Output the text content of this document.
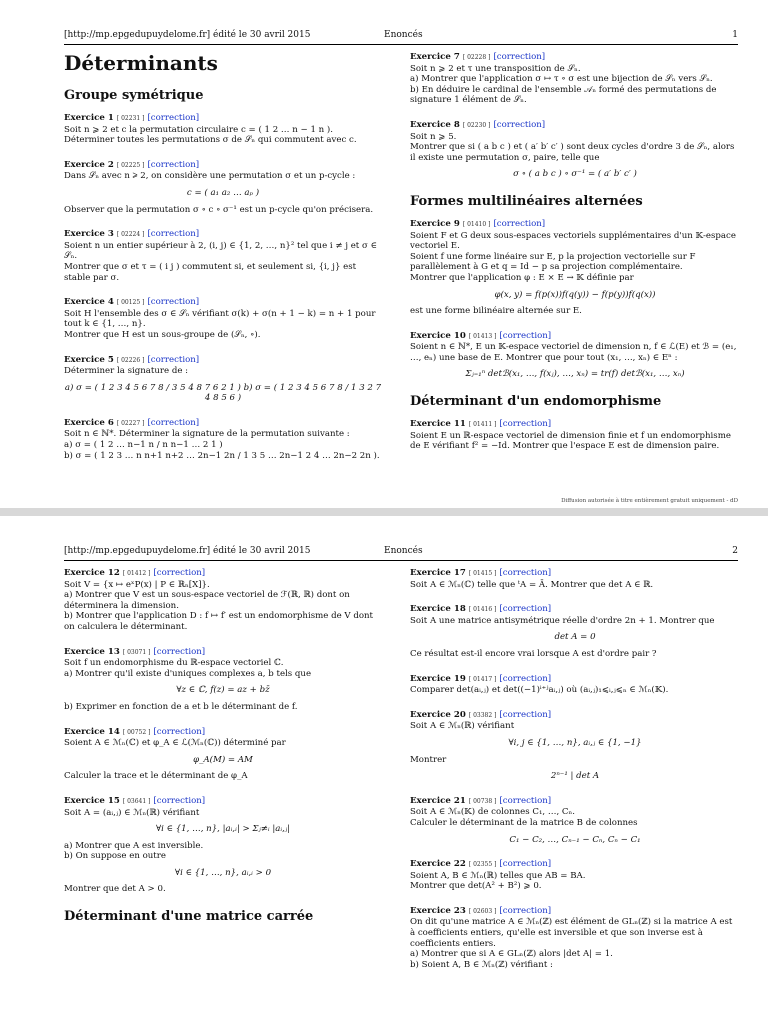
[http://mp.epgedupuydelome.fr] édité le 30 avril 2015	Enoncés	1
Déterminants
Groupe symétrique
Exercice 1 [ 02231 ] [correction]
Soit n ⩾ 2 et c la permutation circulaire c = ( 1 2 … n − 1 n ).
Déterminer toutes les permutations σ de 𝒮ₙ qui commutent avec c.
Exercice 2 [ 02225 ] [correction]
Dans 𝒮ₙ avec n ⩾ 2, on considère une permutation σ et un p-cycle :
c = ( a₁ a₂ … aₚ )
Observer que la permutation σ ∘ c ∘ σ⁻¹ est un p-cycle qu'on précisera.
Exercice 3 [ 02224 ] [correction]
Soient n un entier supérieur à 2, (i, j) ∈ {1, 2, …, n}² tel que i ≠ j et σ ∈ 𝒮ₙ.
Montrer que σ et τ = ( i j ) commutent si, et seulement si, {i, j} est stable par σ.
Exercice 4 [ 00125 ] [correction]
Soit H l'ensemble des σ ∈ 𝒮ₙ vérifiant σ(k) + σ(n + 1 − k) = n + 1 pour tout k ∈ {1, …, n}.
Montrer que H est un sous-groupe de (𝒮ₙ, ∘).
Exercice 5 [ 02226 ] [correction]
Déterminer la signature de :
a) σ = ( 1 2 3 4 5 6 7 8 / 3 5 4 8 7 6 2 1 ) b) σ = ( 1 2 3 4 5 6 7 8 / 1 3 2 7 4 8 5 6 )
Exercice 6 [ 02227 ] [correction]
Soit n ∈ ℕ*. Déterminer la signature de la permutation suivante :
a) σ = ( 1 2 … n−1 n / n n−1 … 2 1 )
b) σ = ( 1 2 3 … n n+1 n+2 … 2n−1 2n / 1 3 5 … 2n−1 2 4 … 2n−2 2n ).
Exercice 7 [ 02228 ] [correction]
Soit n ⩾ 2 et τ une transposition de 𝒮ₙ.
a) Montrer que l'application σ ↦ τ ∘ σ est une bijection de 𝒮ₙ vers 𝒮ₙ.
b) En déduire le cardinal de l'ensemble 𝒜ₙ formé des permutations de signature 1 élément de 𝒮ₙ.
Exercice 8 [ 02230 ] [correction]
Soit n ⩾ 5.
Montrer que si ( a b c ) et ( a′ b′ c′ ) sont deux cycles d'ordre 3 de 𝒮ₙ, alors il existe une permutation σ, paire, telle que
σ ∘ ( a b c ) ∘ σ⁻¹ = ( a′ b′ c′ )
Formes multilinéaires alternées
Exercice 9 [ 01410 ] [correction]
Soient F et G deux sous-espaces vectoriels supplémentaires d'un 𝕂-espace vectoriel E.
Soient f une forme linéaire sur E, p la projection vectorielle sur F parallèlement à G et q = Id − p sa projection complémentaire.
Montrer que l'application φ : E × E → 𝕂 définie par
φ(x, y) = f(p(x))f(q(y)) − f(p(y))f(q(x))
est une forme bilinéaire alternée sur E.
Exercice 10 [ 01413 ] [correction]
Soient n ∈ ℕ*, E un 𝕂-espace vectoriel de dimension n, f ∈ ℒ(E) et ℬ = (e₁, …, eₙ) une base de E. Montrer que pour tout (x₁, …, xₙ) ∈ Eⁿ :
Σⱼ₌₁ⁿ detℬ(x₁, …, f(xⱼ), …, xₙ) = tr(f) detℬ(x₁, …, xₙ)
Déterminant d'un endomorphisme
Exercice 11 [ 01411 ] [correction]
Soient E un ℝ-espace vectoriel de dimension finie et f un endomorphisme de E vérifiant f² = −Id. Montrer que l'espace E est de dimension paire.
Diffusion autorisée à titre entièrement gratuit uniquement - dD
[http://mp.epgedupuydelome.fr] édité le 30 avril 2015	Enoncés	2
Exercice 12 [ 01412 ] [correction]
Soit V = {x ↦ eˣP(x) | P ∈ ℝₙ[X]}.
a) Montrer que V est un sous-espace vectoriel de ℱ(ℝ, ℝ) dont on déterminera la dimension.
b) Montrer que l'application D : f ↦ f′ est un endomorphisme de V dont on calculera le déterminant.
Exercice 13 [ 03071 ] [correction]
Soit f un endomorphisme du ℝ-espace vectoriel ℂ.
a) Montrer qu'il existe d'uniques complexes a, b tels que
∀z ∈ ℂ, f(z) = az + bz̄
b) Exprimer en fonction de a et b le déterminant de f.
Exercice 14 [ 00752 ] [correction]
Soient A ∈ ℳₙ(ℂ) et φ_A ∈ ℒ(ℳₙ(ℂ)) déterminé par
φ_A(M) = AM
Calculer la trace et le déterminant de φ_A
Exercice 15 [ 03641 ] [correction]
Soit A = (aᵢ,ⱼ) ∈ ℳₙ(ℝ) vérifiant
∀i ∈ {1, …, n}, |aᵢ,ᵢ| > Σⱼ≠ᵢ |aᵢ,ⱼ|
a) Montrer que A est inversible.
b) On suppose en outre
∀i ∈ {1, …, n}, aᵢ,ᵢ > 0
Montrer que det A > 0.
Déterminant d'une matrice carrée
Exercice 17 [ 01415 ] [correction]
Soit A ∈ ℳₙ(ℂ) telle que ᵗA = Ā. Montrer que det A ∈ ℝ.
Exercice 18 [ 01416 ] [correction]
Soit A une matrice antisymétrique réelle d'ordre 2n + 1. Montrer que
det A = 0
Ce résultat est-il encore vrai lorsque A est d'ordre pair ?
Exercice 19 [ 01417 ] [correction]
Comparer det(aᵢ,ⱼ) et det((−1)ⁱ⁺ʲaᵢ,ⱼ) où (aᵢ,ⱼ)₁⩽ᵢ,ⱼ⩽ₙ ∈ ℳₙ(𝕂).
Exercice 20 [ 03382 ] [correction]
Soit A ∈ ℳₙ(ℝ) vérifiant
∀i, j ∈ {1, …, n}, aᵢ,ⱼ ∈ {1, −1}
Montrer
2ⁿ⁻¹ | det A
Exercice 21 [ 00738 ] [correction]
Soit A ∈ ℳₙ(𝕂) de colonnes C₁, …, Cₙ.
Calculer le déterminant de la matrice B de colonnes
C₁ − C₂, …, Cₙ₋₁ − Cₙ, Cₙ − C₁
Exercice 22 [ 02355 ] [correction]
Soient A, B ∈ ℳₙ(ℝ) telles que AB = BA.
Montrer que det(A² + B²) ⩾ 0.
Exercice 23 [ 02603 ] [correction]
On dit qu'une matrice A ∈ ℳₙ(ℤ) est élément de GLₙ(ℤ) si la matrice A est à coefficients entiers, qu'elle est inversible et que son inverse est à coefficients entiers.
a) Montrer que si A ∈ GLₙ(ℤ) alors |det A| = 1.
b) Soient A, B ∈ ℳₙ(ℤ) vérifiant :
